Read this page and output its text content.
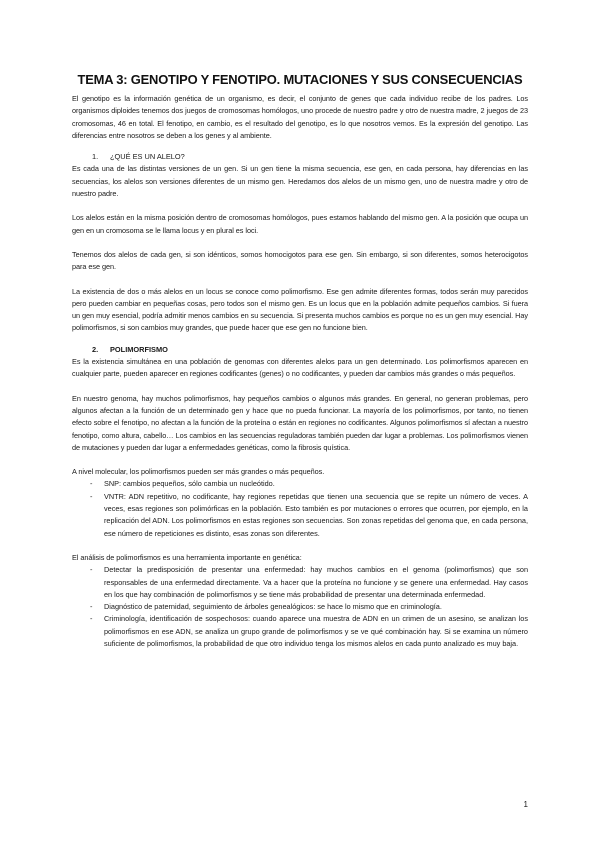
TEMA 3: GENOTIPO Y FENOTIPO. MUTACIONES Y SUS CONSECUENCIAS

El genotipo es la información genética de un organismo, es decir, el conjunto de genes que cada individuo recibe de los padres. Los organismos diploides tenemos dos juegos de cromosomas homólogos, uno procede de nuestro padre y otro de nuestra madre, 2 juegos de 23 cromosomas, 46 en total. El fenotipo, en cambio, es el resultado del genotipo, es lo que nosotros vemos. Es la expresión del genotipo. Las diferencias entre nosotros se deben a los genes y al ambiente.

1. ¿QUÉ ES UN ALELO?

Es cada una de las distintas versiones de un gen. Si un gen tiene la misma secuencia, ese gen, en cada persona, hay diferencias en las secuencias, los alelos son versiones diferentes de un mismo gen. Heredamos dos alelos de un mismo gen, uno de nuestra madre y otro de nuestro padre.

Los alelos están en la misma posición dentro de cromosomas homólogos, pues estamos hablando del mismo gen. A la posición que ocupa un gen en un cromosoma se le llama locus y en plural es loci.

Tenemos dos alelos de cada gen, si son idénticos, somos homocigotos para ese gen. Sin embargo, si son diferentes, somos heterocigotos para ese gen.

La existencia de dos o más alelos en un locus se conoce como polimorfismo. Ese gen admite diferentes formas, todos serán muy parecidos pero pueden cambiar en pequeñas cosas, pero todos son el mismo gen. Es un locus que en la población admite pequeños cambios. Si fuera un gen muy esencial, podría admitir menos cambios en su secuencia. Si presenta muchos cambios es porque no es un gen muy esencial. Hay polimorfismos, si son cambios muy grandes, que puede hacer que ese gen no funcione bien.

2. POLIMORFISMO

Es la existencia simultánea en una población de genomas con diferentes alelos para un gen determinado. Los polimorfismos aparecen en cualquier parte, pueden aparecer en regiones codificantes (genes) o no codificantes, y pueden dar cambios más grandes o más pequeños.

En nuestro genoma, hay muchos polimorfismos, hay pequeños cambios o algunos más grandes. En general, no generan problemas, pero algunos afectan a la función de un determinado gen y hace que no pueda funcionar. La mayoría de los polimorfismos, por tanto, no tienen efecto sobre el fenotipo, no afectan a la función de la proteína o están en regiones no codificantes. Algunos polimorfismos sí afectan a nuestro fenotipo, como altura, cabello… Los cambios en las secuencias reguladoras también pueden dar lugar a problemas. Los polimorfismos vienen de mutaciones y pueden dar lugar a enfermedades genéticas, como la fibrosis quística.

A nivel molecular, los polimorfismos pueden ser más grandes o más pequeños.

- SNP: cambios pequeños, sólo cambia un nucleótido.
- VNTR: ADN repetitivo, no codificante, hay regiones repetidas que tienen una secuencia que se repite un número de veces. A veces, esas regiones son polimórficas en la población. Esto también es por mutaciones o errores que ocurren, por ejemplo, en la replicación del ADN. Los polimorfismos en estas regiones son secuencias. Son zonas repetidas del genoma que, en cada persona, ese número de repeticiones es distinto, esas zonas son diferentes.

El análisis de polimorfismos es una herramienta importante en genética:

- Detectar la predisposición de presentar una enfermedad: hay muchos cambios en el genoma (polimorfismos) que son responsables de una enfermedad directamente. Va a hacer que la proteína no funcione y se genere una enfermedad. Hay casos en los que hay combinación de polimorfismos y se tiene más probabilidad de presentar una determinada enfermedad.
- Diagnóstico de paternidad, seguimiento de árboles genealógicos: se hace lo mismo que en criminología.
- Criminología, identificación de sospechosos: cuando aparece una muestra de ADN en un crimen de un asesino, se analizan los polimorfismos en ese ADN, se analiza un grupo grande de polimorfismos y se ve qué combinación hay. Si se examina un número suficiente de polimorfismos, la probabilidad de que otro individuo tenga los mismos alelos en cada punto analizado es muy baja.
1
